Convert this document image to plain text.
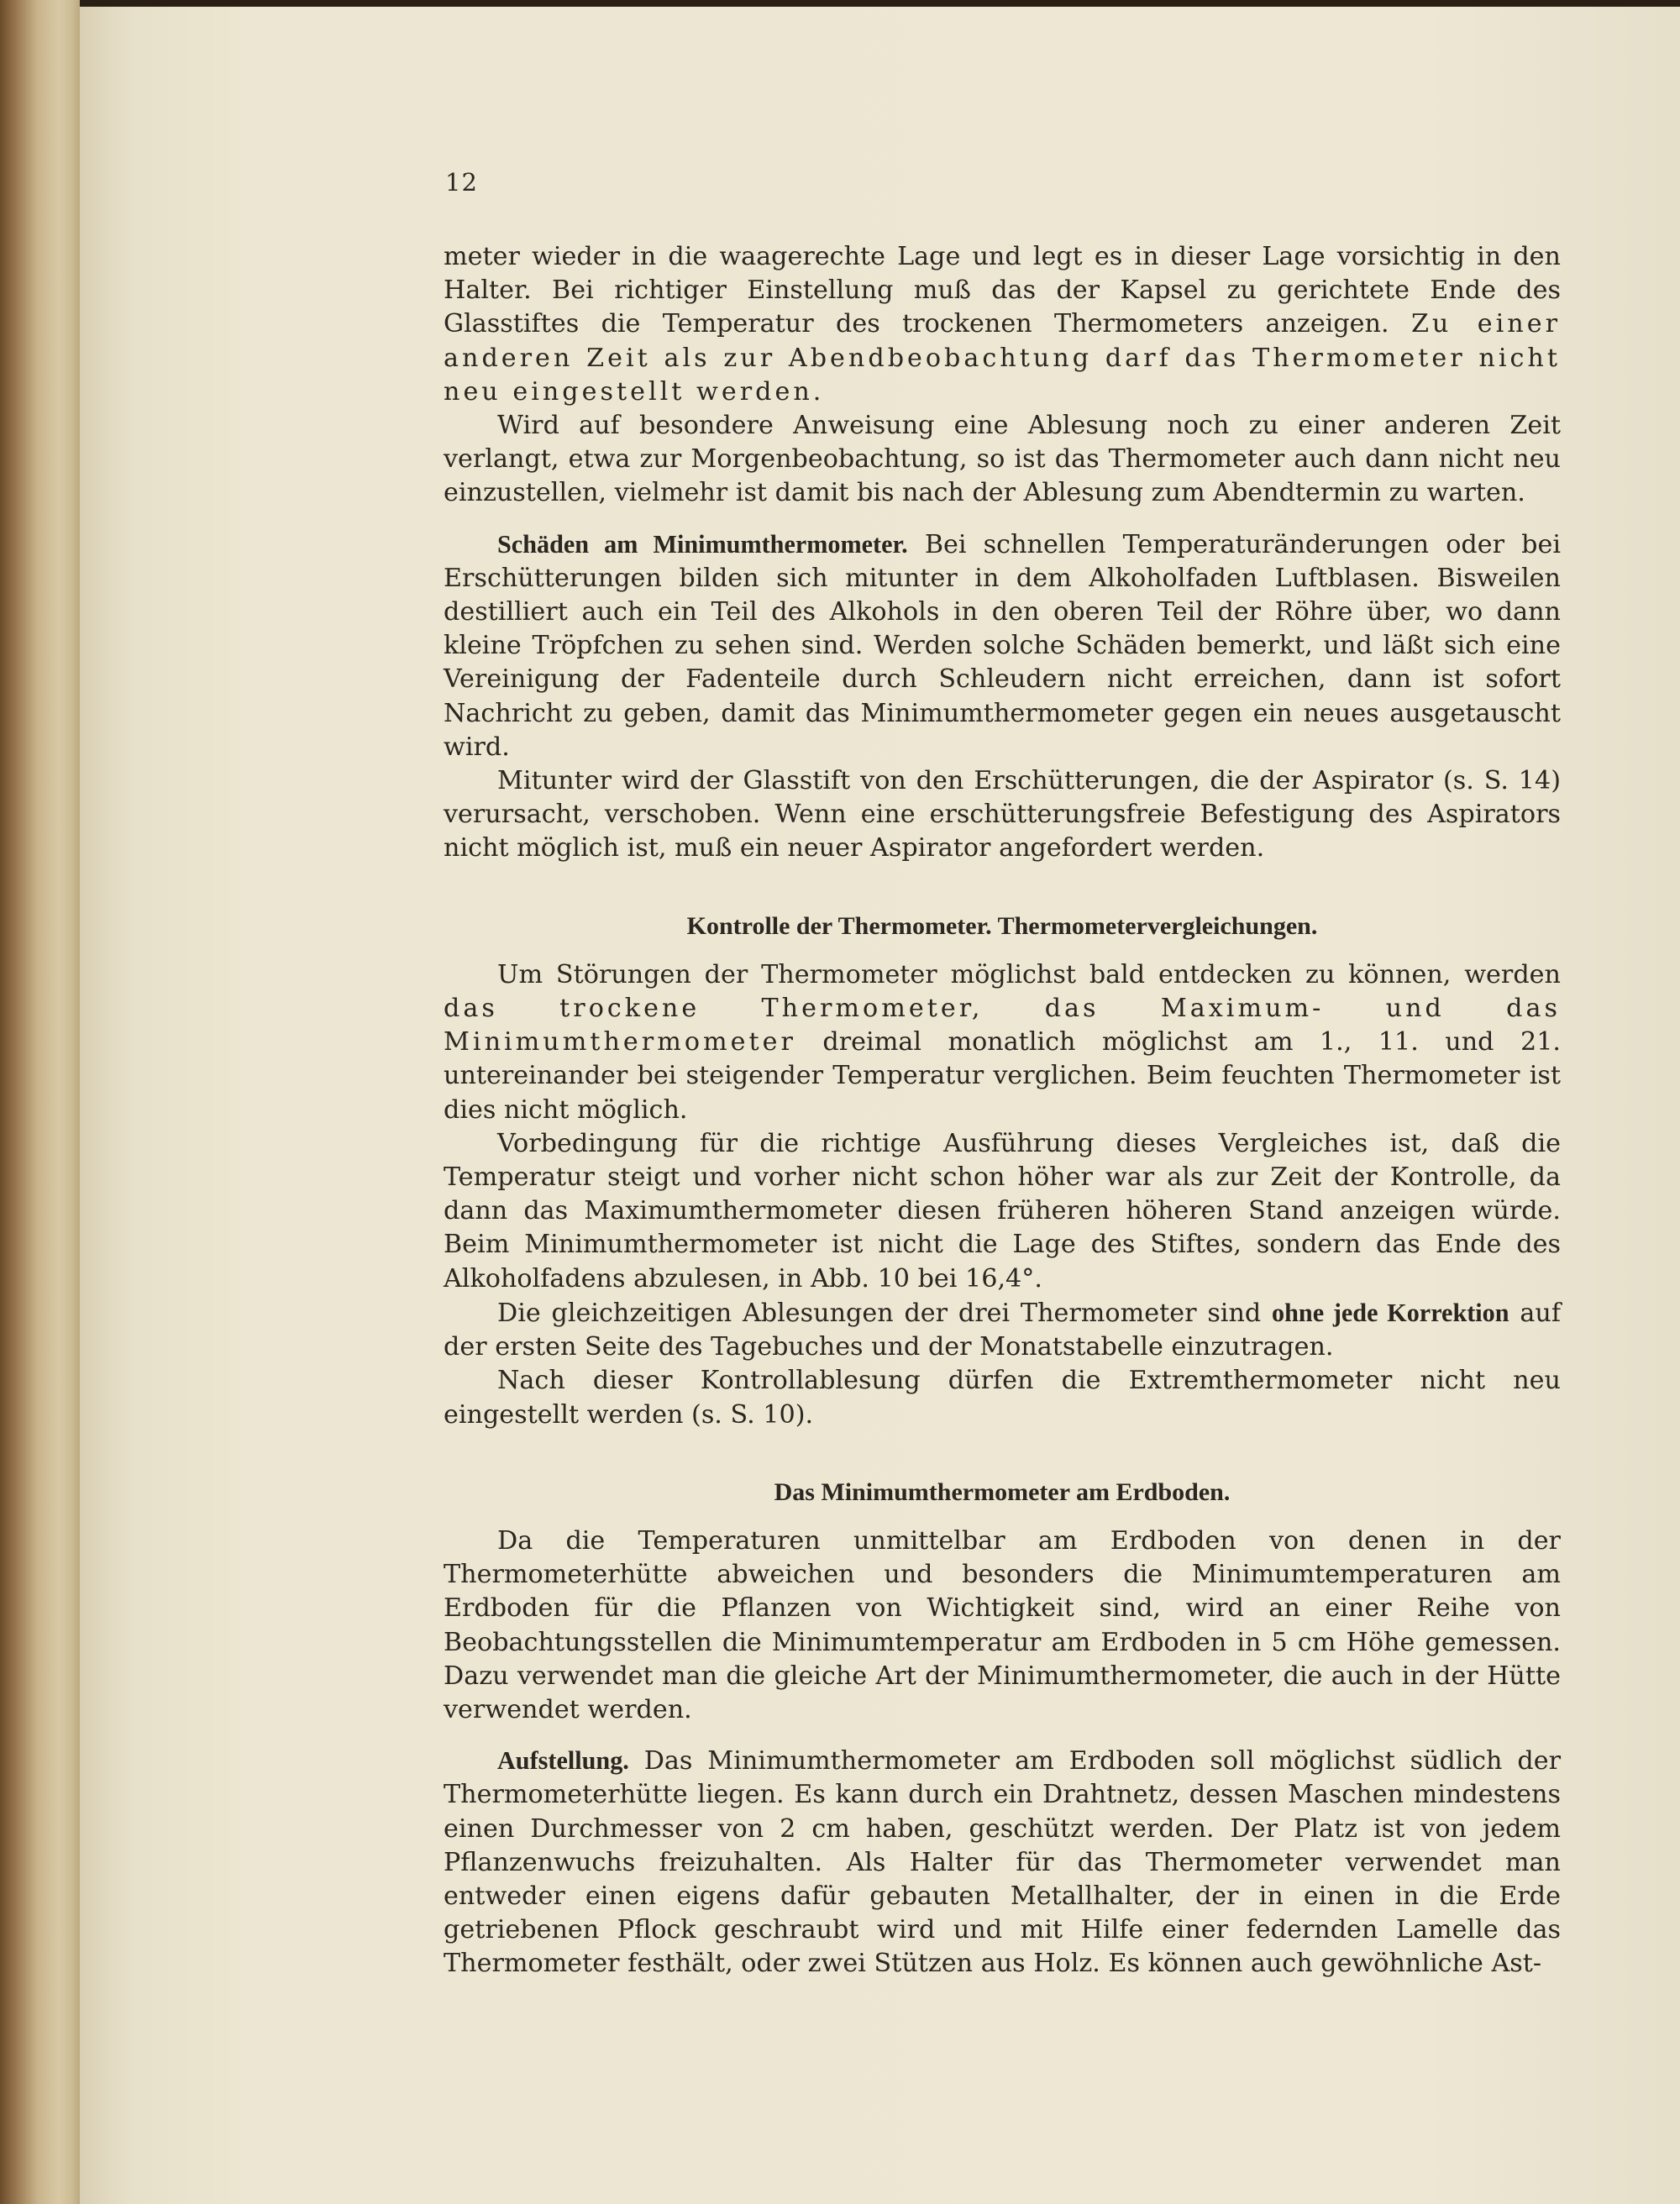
12

meter wieder in die waagerechte Lage und legt es in dieser Lage vorsichtig in den Halter. Bei richtiger Einstellung muß das der Kapsel zu gerichtete Ende des Glasstiftes die Temperatur des trockenen Thermometers anzeigen. Zu einer anderen Zeit als zur Abendbeobachtung darf das Thermometer nicht neu eingestellt werden.

Wird auf besondere Anweisung eine Ablesung noch zu einer anderen Zeit verlangt, etwa zur Morgenbeobachtung, so ist das Thermometer auch dann nicht neu einzustellen, vielmehr ist damit bis nach der Ablesung zum Abendtermin zu warten.

Schäden am Minimumthermometer. Bei schnellen Temperaturänderungen oder bei Erschütterungen bilden sich mitunter in dem Alkoholfaden Luftblasen. Bisweilen destilliert auch ein Teil des Alkohols in den oberen Teil der Röhre über, wo dann kleine Tröpfchen zu sehen sind. Werden solche Schäden bemerkt, und läßt sich eine Vereinigung der Fadenteile durch Schleudern nicht erreichen, dann ist sofort Nachricht zu geben, damit das Minimumthermometer gegen ein neues ausgetauscht wird.

Mitunter wird der Glasstift von den Erschütterungen, die der Aspirator (s. S. 14) verursacht, verschoben. Wenn eine erschütterungsfreie Befestigung des Aspirators nicht möglich ist, muß ein neuer Aspirator angefordert werden.

Kontrolle der Thermometer. Thermometervergleichungen.

Um Störungen der Thermometer möglichst bald entdecken zu können, werden das trockene Thermometer, das Maximum- und das Minimumthermometer dreimal monatlich möglichst am 1., 11. und 21. untereinander bei steigender Temperatur verglichen. Beim feuchten Thermometer ist dies nicht möglich.

Vorbedingung für die richtige Ausführung dieses Vergleiches ist, daß die Temperatur steigt und vorher nicht schon höher war als zur Zeit der Kontrolle, da dann das Maximumthermometer diesen früheren höheren Stand anzeigen würde. Beim Minimumthermometer ist nicht die Lage des Stiftes, sondern das Ende des Alkoholfadens abzulesen, in Abb. 10 bei 16,4°.

Die gleichzeitigen Ablesungen der drei Thermometer sind ohne jede Korrektion auf der ersten Seite des Tagebuches und der Monatstabelle einzutragen.

Nach dieser Kontrollablesung dürfen die Extremthermometer nicht neu eingestellt werden (s. S. 10).

Das Minimumthermometer am Erdboden.

Da die Temperaturen unmittelbar am Erdboden von denen in der Thermometerhütte abweichen und besonders die Minimumtemperaturen am Erdboden für die Pflanzen von Wichtigkeit sind, wird an einer Reihe von Beobachtungsstellen die Minimumtemperatur am Erdboden in 5 cm Höhe gemessen. Dazu verwendet man die gleiche Art der Minimumthermometer, die auch in der Hütte verwendet werden.

Aufstellung. Das Minimumthermometer am Erdboden soll möglichst südlich der Thermometerhütte liegen. Es kann durch ein Drahtnetz, dessen Maschen mindestens einen Durchmesser von 2 cm haben, geschützt werden. Der Platz ist von jedem Pflanzenwuchs freizuhalten. Als Halter für das Thermometer verwendet man entweder einen eigens dafür gebauten Metallhalter, der in einen in die Erde getriebenen Pflock geschraubt wird und mit Hilfe einer federnden Lamelle das Thermometer festhält, oder zwei Stützen aus Holz. Es können auch gewöhnliche Ast-
